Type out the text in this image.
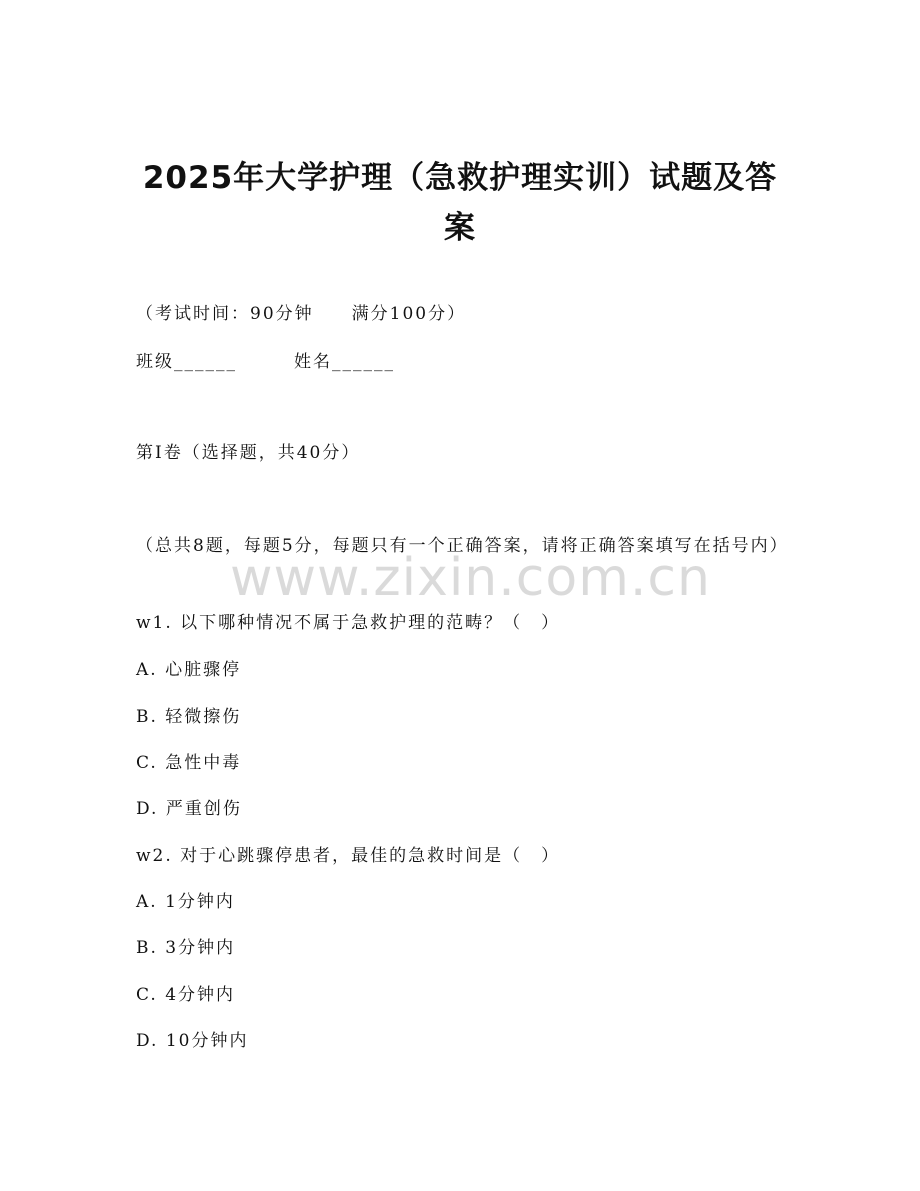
2025年大学护理（急救护理实训）试题及答
案
（考试时间：90分钟　　满分100分）
班级______	姓名______
第Ⅰ卷（选择题，共40分）
（总共8题，每题5分，每题只有一个正确答案，请将正确答案填写在括号内）
www.zixin.com.cn
w1. 以下哪种情况不属于急救护理的范畴？（　）
A. 心脏骤停
B. 轻微擦伤
C. 急性中毒
D. 严重创伤
w2. 对于心跳骤停患者，最佳的急救时间是（　）
A. 1分钟内
B. 3分钟内
C. 4分钟内
D. 10分钟内
